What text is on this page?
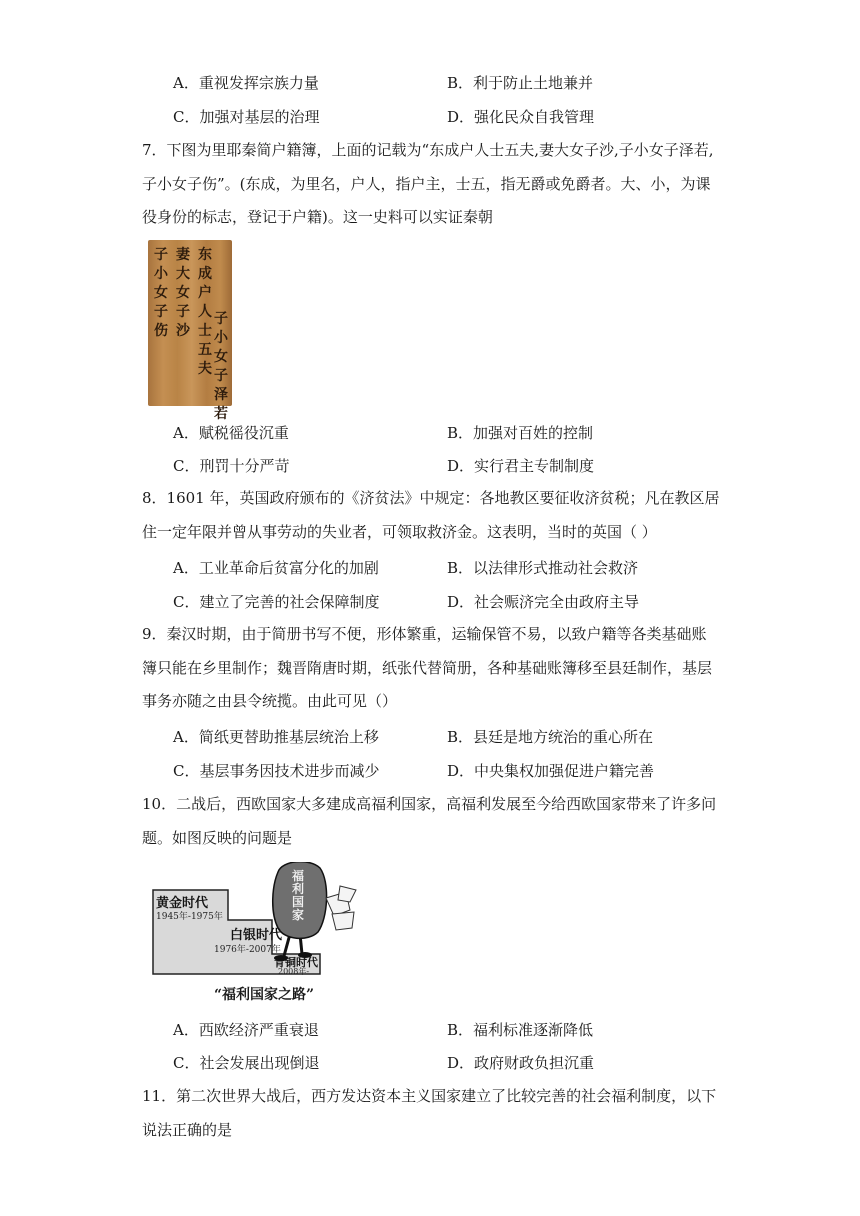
A．重视发挥宗族力量	B．利于防止土地兼并
C．加强对基层的治理	D．强化民众自我管理

7．下图为里耶秦简户籍簿，上面的记载为“东成户人士五夫,妻大女子沙,子小女子泽若,

子小女子伤”。(东成，为里名，户人，指户主，士五，指无爵或免爵者。大、小，为课

役身份的标志，登记于户籍)。这一史料可以实证秦朝

子小女子伤
妻大女子沙
东成户人士五夫
子小女子泽若
A．赋税徭役沉重	B．加强对百姓的控制
C．刑罚十分严苛	D．实行君主专制制度

8．1601 年，英国政府颁布的《济贫法》中规定：各地教区要征收济贫税；凡在教区居

住一定年限并曾从事劳动的失业者，可领取救济金。这表明，当时的英国（ ）

A．工业革命后贫富分化的加剧	B．以法律形式推动社会救济
C．建立了完善的社会保障制度	D．社会赈济完全由政府主导

9．秦汉时期，由于简册书写不便，形体繁重，运输保管不易，以致户籍等各类基础账

簿只能在乡里制作；魏晋隋唐时期，纸张代替简册，各种基础账簿移至县廷制作，基层

事务亦随之由县令统揽。由此可见（）

A．简纸更替助推基层统治上移	B．县廷是地方统治的重心所在
C．基层事务因技术进步而减少	D．中央集权加强促进户籍完善

10．二战后，西欧国家大多建成高福利国家，高福利发展至今给西欧国家带来了许多问

题。如图反映的问题是

黄金时代
1945年-1975年
白银时代
1976年-2007年
青铜时代
2008年-
福利国家
“福利国家之路”
A．西欧经济严重衰退	B．福利标准逐渐降低
C．社会发展出现倒退	D．政府财政负担沉重

11．第二次世界大战后，西方发达资本主义国家建立了比较完善的社会福利制度，以下

说法正确的是
